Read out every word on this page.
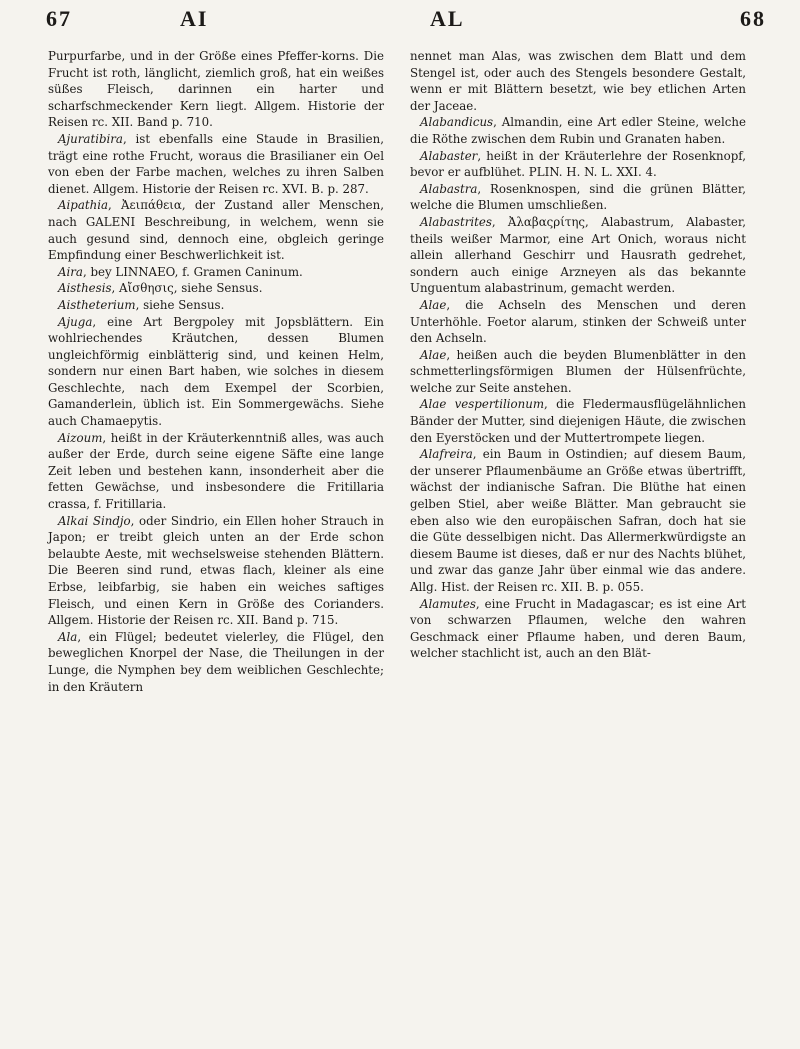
67	AI	AL	68

Purpurfarbe, und in der Größe eines Pfeffer-korns. Die Frucht ist roth, länglicht, ziemlich groß, hat ein weißes süßes Fleisch, darinnen ein harter und scharfschmeckender Kern liegt. Allgem. Historie der Reisen rc. XII. Band p. 710.

Ajuratibira, ist ebenfalls eine Staude in Brasilien, trägt eine rothe Frucht, woraus die Brasilianer ein Oel von eben der Farbe machen, welches zu ihren Salben dienet. Allgem. Historie der Reisen rc. XVI. B. p. 287.

Aipathia, Ἀειπάθεια, der Zustand aller Menschen, nach GALENI Beschreibung, in welchem, wenn sie auch gesund sind, dennoch eine, obgleich geringe Empfindung einer Beschwerlichkeit ist.

Aira, bey LINNAEO, f. Gramen Caninum.

Aisthesis, Αἴσθησις, siehe Sensus.

Aistheterium, siehe Sensus.

Ajuga, eine Art Bergpoley mit Jopsblättern. Ein wohlriechendes Kräutchen, dessen Blumen ungleichförmig einblätterig sind, und keinen Helm, sondern nur einen Bart haben, wie solches in diesem Geschlechte, nach dem Exempel der Scorbien, Gamanderlein, üblich ist. Ein Sommergewächs. Siehe auch Chamaepytis.

Aizoum, heißt in der Kräuterkenntniß alles, was auch außer der Erde, durch seine eigene Säfte eine lange Zeit leben und bestehen kann, insonderheit aber die fetten Gewächse, und insbesondere die Fritillaria crassa, f. Fritillaria.

Alkai Sindjo, oder Sindrio, ein Ellen hoher Strauch in Japon; er treibt gleich unten an der Erde schon belaubte Aeste, mit wechselsweise stehenden Blättern. Die Beeren sind rund, etwas flach, kleiner als eine Erbse, leibfarbig, sie haben ein weiches saftiges Fleisch, und einen Kern in Größe des Corianders. Allgem. Historie der Reisen rc. XII. Band p. 715.

Ala, ein Flügel; bedeutet vielerley, die Flügel, den beweglichen Knorpel der Nase, die Theilungen in der Lunge, die Nymphen bey dem weiblichen Geschlechte; in den Kräutern

nennet man Alas, was zwischen dem Blatt und dem Stengel ist, oder auch des Stengels besondere Gestalt, wenn er mit Blättern besetzt, wie bey etlichen Arten der Jaceae.

Alabandicus, Almandin, eine Art edler Steine, welche die Röthe zwischen dem Rubin und Granaten haben.

Alabaster, heißt in der Kräuterlehre der Rosenknopf, bevor er aufblühet. PLIN. H. N. L. XXI. 4.

Alabastra, Rosenknospen, sind die grünen Blätter, welche die Blumen umschließen.

Alabastrites, Ἀλαβαςρίτης, Alabastrum, Alabaster, theils weißer Marmor, eine Art Onich, woraus nicht allein allerhand Geschirr und Hausrath gedrehet, sondern auch einige Arzneyen als das bekannte Unguentum alabastrinum, gemacht werden.

Alae, die Achseln des Menschen und deren Unterhöhle. Foetor alarum, stinken der Schweiß unter den Achseln.

Alae, heißen auch die beyden Blumenblätter in den schmetterlingsförmigen Blumen der Hülsenfrüchte, welche zur Seite anstehen.

Alae vespertilionum, die Fledermausflügelähnlichen Bänder der Mutter, sind diejenigen Häute, die zwischen den Eyerstöcken und der Muttertrompete liegen.

Alafreira, ein Baum in Ostindien; auf diesem Baum, der unserer Pflaumenbäume an Größe etwas übertrifft, wächst der indianische Safran. Die Blüthe hat einen gelben Stiel, aber weiße Blätter. Man gebraucht sie eben also wie den europäischen Safran, doch hat sie die Güte desselbigen nicht. Das Allermerkwürdigste an diesem Baume ist dieses, daß er nur des Nachts blühet, und zwar das ganze Jahr über einmal wie das andere. Allg. Hist. der Reisen rc. XII. B. p. 055.

Alamutes, eine Frucht in Madagascar; es ist eine Art von schwarzen Pflaumen, welche den wahren Geschmack einer Pflaume haben, und deren Baum, welcher stachlicht ist, auch an den Blät-
